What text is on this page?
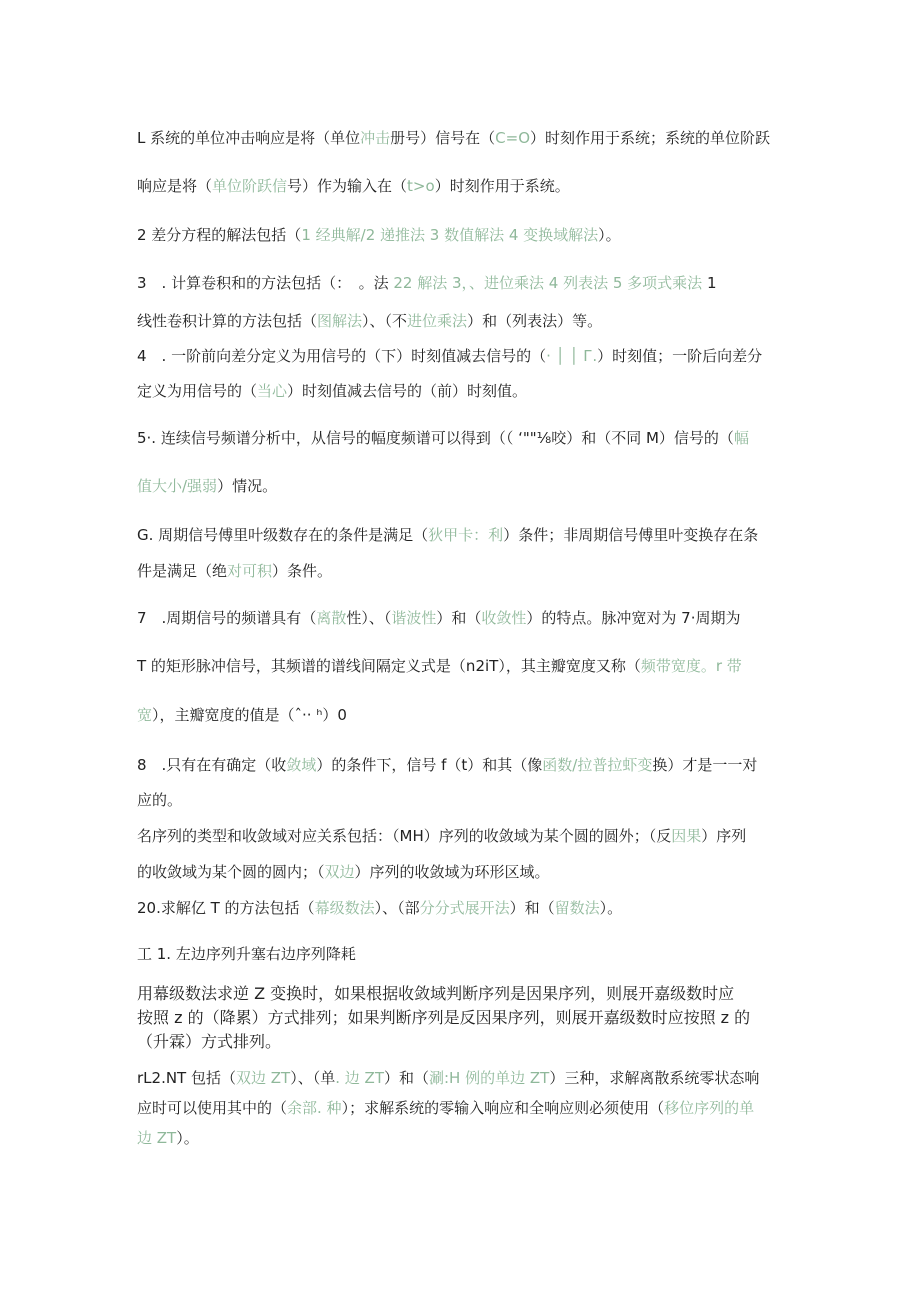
L 系统的单位冲击响应是将（单位冲击册号）信号在（C=O）时刻作用于系统；系统的单位阶跃
响应是将（单位阶跃信号）作为输入在（t>o）时刻作用于系统。
2 差分方程的解法包括（1 经典解/2 递推法 3 数值解法 4 变换域解法）。
3　. 计算卷积和的方法包括（：　。法 22 解法 3，、进位乘法 4 列表法 5 多项式乘法 1
线性卷积计算的方法包括（图解法）、（不进位乘法）和（列表法）等。
4　. 一阶前向差分定义为用信号的（下）时刻值减去信号的（· │ │ Г.）时刻值；一阶后向差分
定义为用信号的（当心）时刻值减去信号的（前）时刻值。
5·. 连续信号频谱分析中，从信号的幅度频谱可以得到（（ ‘""⅛咬）和（不同 M）信号的（幅
值大小/强弱）情况。
G. 周期信号傅里叶级数存在的条件是满足（狄甲卡：利）条件；非周期信号傅里叶变换存在条
件是满足（绝对可积）条件。
7　.周期信号的频谱具有（离散性）、（谐波性）和（收敛性）的特点。脉冲宽对为 7·周期为
T 的矩形脉冲信号，其频谱的谱线间隔定义式是（n2iT），其主瓣宽度又称（频带宽度。r 带
宽），主瓣宽度的值是（ˆ·· ʰ）0
8　.只有在有确定（收敛域）的条件下，信号 f（t）和其（像函数/拉普拉虾变换）才是一一对
应的。
名序列的类型和收敛域对应关系包括：（MH）序列的收敛域为某个圆的圆外；（反因果）序列
的收敛域为某个圆的圆内；（双边）序列的收敛域为环形区域。
20.求解亿 T 的方法包括（幕级数法）、（部分分式展开法）和（留数法）。
工 1. 左边序列升塞右边序列降耗
用幕级数法求逆 Z 变换时，如果根据收敛域判断序列是因果序列，则展开嘉级数时应
按照 z 的（降累）方式排列；如果判断序列是反因果序列，则展开嘉级数时应按照 z 的
（升霖）方式排列。
rL2.NT 包括（双边 ZT）、（单. 边 ZT）和（涮:H 例的单边 ZT）三种，求解离散系统零状态响
应时可以使用其中的（余部. 种）；求解系统的零输入响应和全响应则必须使用（移位序列的单
边 ZT）。
